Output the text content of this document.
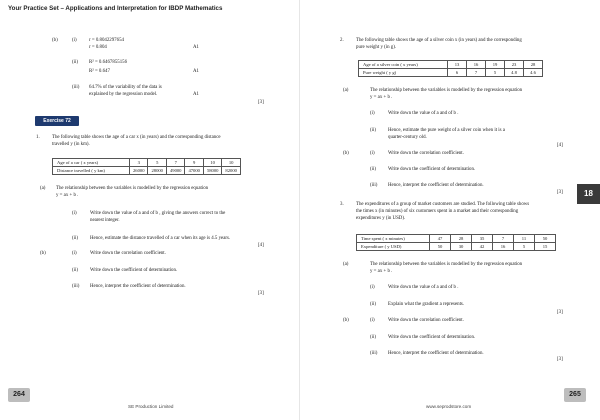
Your Practice Set – Applications and Interpretation for IBDP Mathematics
(b)	(i)	r = 0.8042297654
r = 0.804	A1
(ii) R² = 0.6467855156
R² = 0.647	A1
(iii) 64.7% of the variability of the data is
explained by the regression model.	A1
[3]
Exercise 72
1.	The following table shows the age of a car x (in years) and the corresponding distance
travelled y (in km).
Age of a car ( x years)	3	5	7	9	10	10
Distance travelled ( y km)	26000	28000	49000	47000	58000	82000
(a) The relationship between the variables is modelled by the regression equation
y = ax + b .
(i)	Write down the value of a and of b , giving the answers correct to the
nearest integer.
(ii) Hence, estimate the distance travelled of a car when its age is 4.5 years.
[4]
(b)	(i)	Write down the correlation coefficient.
(ii) Write down the coefficient of determination.
(iii) Hence, interpret the coefficient of determination.
[3]
264
SE Production Limited
2.	The following table shows the age of a silver coin x (in years) and the corresponding
pure weight y (in g).
Age of a silver coin ( x years)	13	16	19	23	28
Pure weight ( y g)	6	7	5	4.8	4.6
(a)	The relationship between the variables is modelled by the regression equation
y = ax + b .
(i)	Write down the value of a and of b .
(ii) Hence, estimate the pure weight of a silver coin when it is a
quarter-century old.
[4]
(b)	(i)	Write down the correlation coefficient.
(ii) Write down the coefficient of determination.
(iii) Hence, interpret the coefficient of determination.
[3]
3.	The expenditures of a group of market customers are studied. The following table shows
the times x (in minutes) of six customers spent in a market and their corresponding
expenditures y (in USD).
Time spent ( x minutes)	47	28	35	7	11	50
Expenditure ( y USD)	50	30	42	16	5	15
(a)	The relationship between the variables is modelled by the regression equation
y = ax + b .
(i)	Write down the value of a and of b .
(ii) Explain what the gradient a represents.
[3]
(b)	(i)	Write down the correlation coefficient.
(ii) Write down the coefficient of determination.
(iii) Hence, interpret the coefficient of determination.
[3]
18
265
www.seprodstore.com
